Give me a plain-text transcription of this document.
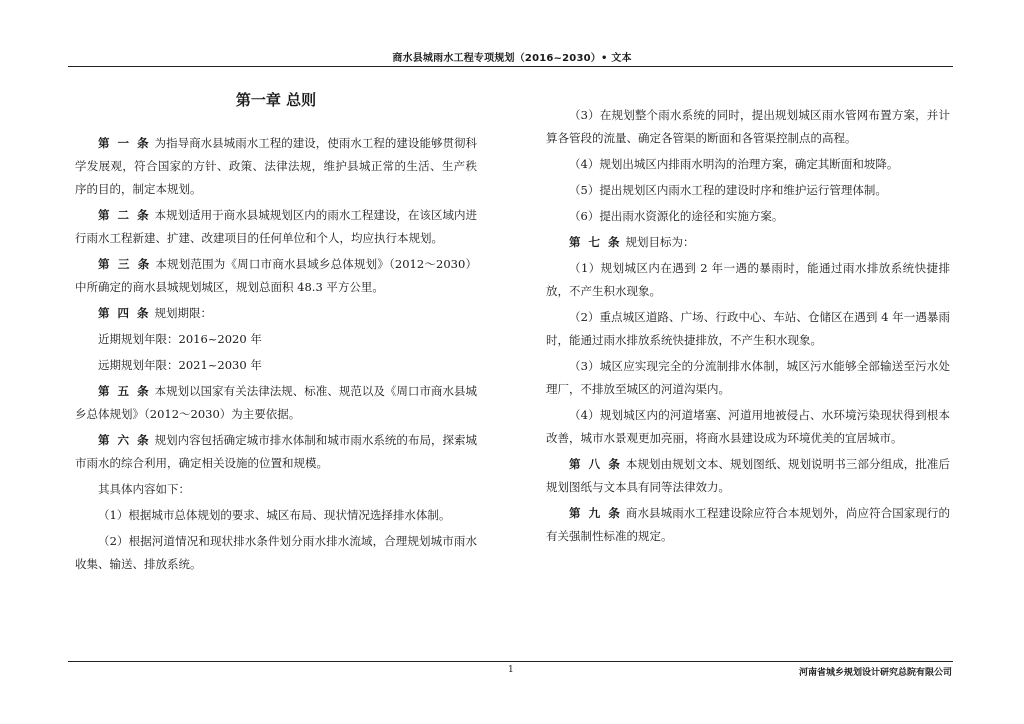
商水县城雨水工程专项规划（2016~2030）• 文本
第一章 总则

第 一 条 为指导商水县城雨水工程的建设，使雨水工程的建设能够贯彻科学发展观，符合国家的方针、政策、法律法规，维护县城正常的生活、生产秩序的目的，制定本规划。

第 二 条 本规划适用于商水县城规划区内的雨水工程建设，在该区域内进行雨水工程新建、扩建、改建项目的任何单位和个人，均应执行本规划。

第 三 条 本规划范围为《周口市商水县域乡总体规划》（2012～2030）中所确定的商水县城规划城区，规划总面积 48.3 平方公里。

第 四 条 规划期限：

近期规划年限：2016~2020 年

远期规划年限：2021~2030 年

第 五 条 本规划以国家有关法律法规、标准、规范以及《周口市商水县城乡总体规划》（2012～2030）为主要依据。

第 六 条 规划内容包括确定城市排水体制和城市雨水系统的布局，探索城市雨水的综合利用，确定相关设施的位置和规模。

其具体内容如下：

（1）根据城市总体规划的要求、城区布局、现状情况选择排水体制。

（2）根据河道情况和现状排水条件划分雨水排水流域，合理规划城市雨水收集、输送、排放系统。

（3）在规划整个雨水系统的同时，提出规划城区雨水管网布置方案，并计算各管段的流量、确定各管渠的断面和各管渠控制点的高程。

（4）规划出城区内排雨水明沟的治理方案，确定其断面和坡降。

（5）提出规划区内雨水工程的建设时序和维护运行管理体制。

（6）提出雨水资源化的途径和实施方案。

第 七 条 规划目标为：

（1）规划城区内在遇到 2 年一遇的暴雨时，能通过雨水排放系统快捷排放，不产生积水现象。

（2）重点城区道路、广场、行政中心、车站、仓储区在遇到 4 年一遇暴雨时，能通过雨水排放系统快捷排放，不产生积水现象。

（3）城区应实现完全的分流制排水体制，城区污水能够全部输送至污水处理厂，不排放至城区的河道沟渠内。

（4）规划城区内的河道堵塞、河道用地被侵占、水环境污染现状得到根本改善，城市水景观更加亮丽，将商水县建设成为环境优美的宜居城市。

第 八 条 本规划由规划文本、规划图纸、规划说明书三部分组成，批准后规划图纸与文本具有同等法律效力。

第 九 条 商水县城雨水工程建设除应符合本规划外，尚应符合国家现行的有关强制性标准的规定。

1	河南省城乡规划设计研究总院有限公司
